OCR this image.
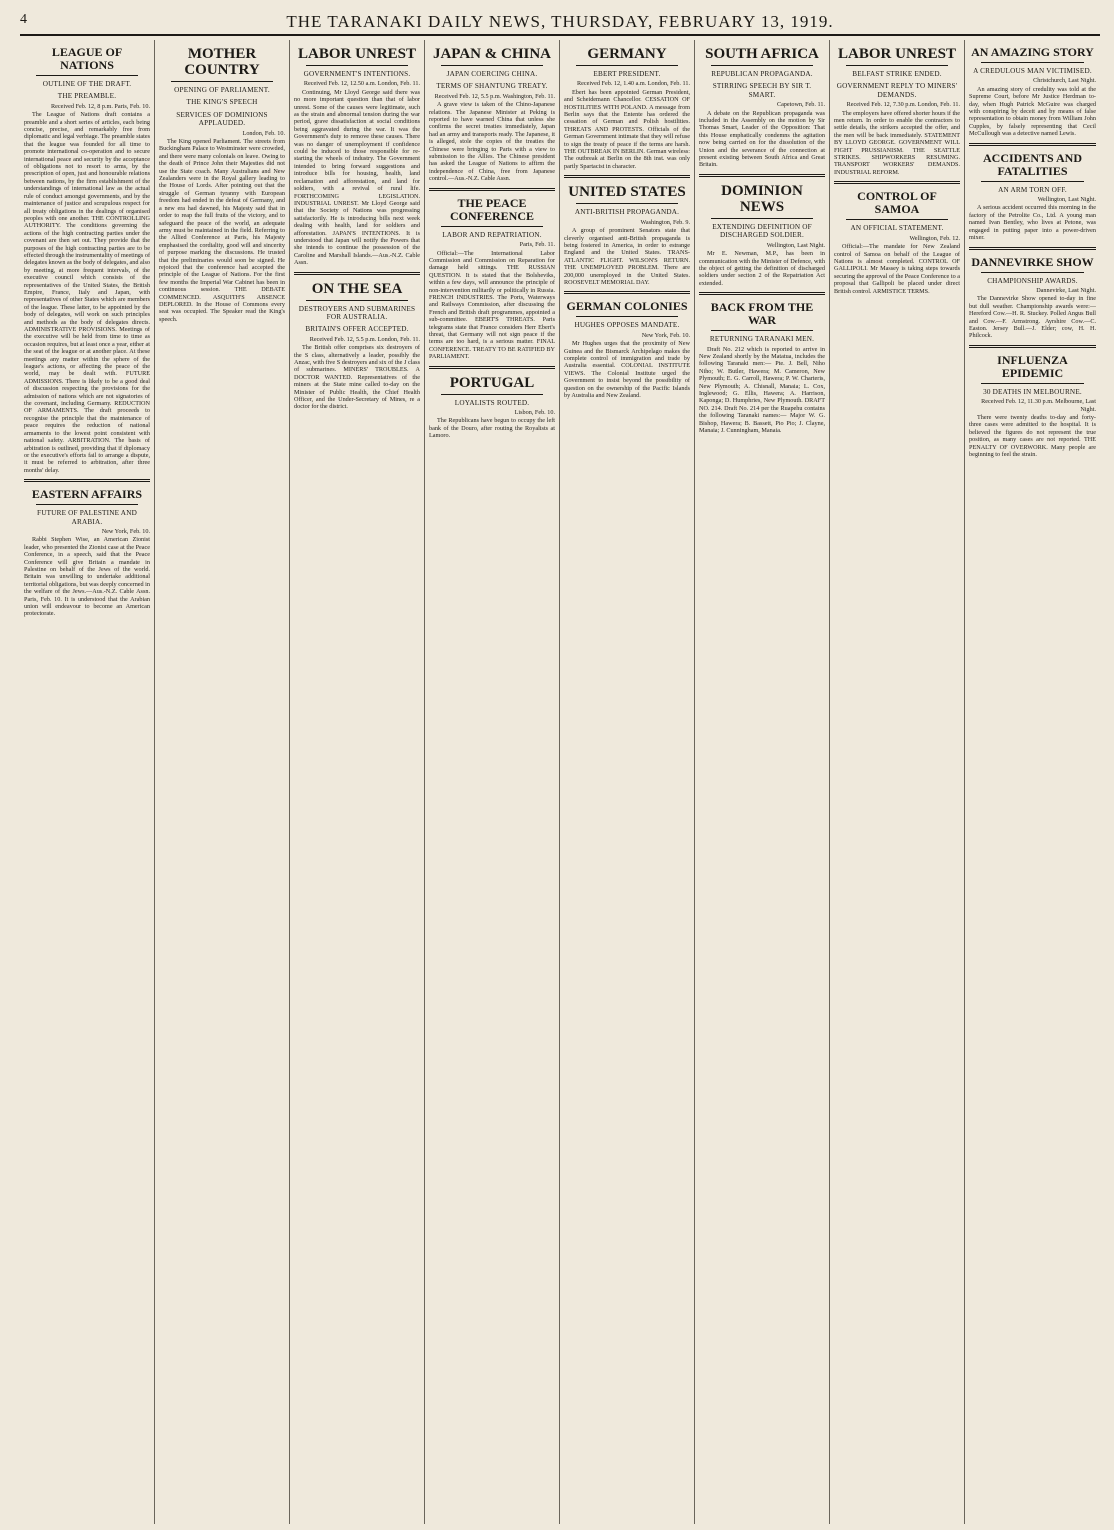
4	THE TARANAKI DAILY NEWS, THURSDAY, FEBRUARY 13, 1919.
LEAGUE OF NATIONS
OUTLINE OF THE DRAFT.
THE PREAMBLE.
Received Feb. 12, 8 p.m. Paris, Feb. 10.

The League of Nations draft contains a preamble and a short series of articles, each being concise, precise, and remarkably free from diplomatic and legal verbiage. The preamble states that the league was founded for all time to promote international co-operation and to secure international peace and security by the acceptance of obligations not to resort to arms, by the prescription of open, just and honourable relations between nations, by the firm establishment of the understandings of international law as the actual rule of conduct amongst governments, and by the maintenance of justice and scrupulous respect for all treaty obligations in the dealings of organised peoples with one another. THE CONTROLLING AUTHORITY. The conditions governing the actions of the high contracting parties under the covenant are then set out. They provide that the purposes of the high contracting parties are to be effected through the instrumentality of meetings of delegates known as the body of delegates, and also by meeting, at more frequent intervals, of the executive council which consists of the representatives of the United States, the British Empire, France, Italy and Japan, with representatives of other States which are members of the league. These latter, to be appointed by the body of delegates, will work on such principles and methods as the body of delegates directs. ADMINISTRATIVE PROVISIONS. Meetings of the executive will be held from time to time as occasion requires, but at least once a year, either at the seat of the league or at another place. At these meetings any matter within the sphere of the league's actions, or affecting the peace of the world, may be dealt with. FUTURE ADMISSIONS. There is likely to be a good deal of discussion respecting the provisions for the admission of nations which are not signatories of the covenant, including Germany. REDUCTION OF ARMAMENTS. The draft proceeds to recognise the principle that the maintenance of peace requires the reduction of national armaments to the lowest point consistent with national safety. ARBITRATION. The basis of arbitration is outlined, providing that if diplomacy or the executive's efforts fail to arrange a dispute, it must be referred to arbitration, after three months' delay.

EASTERN AFFAIRS
FUTURE OF PALESTINE AND ARABIA.
New York, Feb. 10.

Rabbi Stephen Wise, an American Zionist leader, who presented the Zionist case at the Peace Conference, in a speech, said that the Peace Conference will give Britain a mandate in Palestine on behalf of the Jews of the world. Britain was unwilling to undertake additional territorial obligations, but was deeply concerned in the welfare of the Jews.—Aus.-N.Z. Cable Assn. Paris, Feb. 10. It is understood that the Arabian union will endeavour to become an American protectorate.

MOTHER COUNTRY
OPENING OF PARLIAMENT.
THE KING'S SPEECH
SERVICES OF DOMINIONS APPLAUDED.
London, Feb. 10.

The King opened Parliament. The streets from Buckingham Palace to Westminster were crowded, and there were many colonials on leave. Owing to the death of Prince John their Majesties did not use the State coach. Many Australians and New Zealanders were in the Royal gallery leading to the House of Lords. After pointing out that the struggle of German tyranny with European freedom had ended in the defeat of Germany, and a new era had dawned, his Majesty said that in order to reap the full fruits of the victory, and to safeguard the peace of the world, an adequate army must be maintained in the field. Referring to the Allied Conference at Paris, his Majesty emphasised the cordiality, good will and sincerity of purpose marking the discussions. He trusted that the preliminaries would soon be signed. He rejoiced that the conference had accepted the principle of the League of Nations. For the first few months the Imperial War Cabinet has been in continuous session. THE DEBATE COMMENCED. ASQUITH'S ABSENCE DEPLORED. In the House of Commons every seat was occupied. The Speaker read the King's speech.

LABOR UNREST
GOVERNMENT'S INTENTIONS.
Received Feb. 12, 12.50 a.m. London, Feb. 11.

Continuing, Mr Lloyd George said there was no more important question than that of labor unrest. Some of the causes were legitimate, such as the strain and abnormal tension during the war period, grave dissatisfaction at social conditions being aggravated during the war. It was the Government's duty to remove these causes. There was no danger of unemployment if confidence could be induced to those responsible for re-starting the wheels of industry. The Government intended to bring forward suggestions and introduce bills for housing, health, land reclamation and afforestation, and land for soldiers, with a revival of rural life. FORTHCOMING LEGISLATION. INDUSTRIAL UNREST. Mr Lloyd George said that the Society of Nations was progressing satisfactorily. He is introducing bills next week dealing with health, land for soldiers and afforestation. JAPAN'S INTENTIONS. It is understood that Japan will notify the Powers that she intends to continue the possession of the Caroline and Marshall Islands.—Aus.-N.Z. Cable Assn.

ON THE SEA
DESTROYERS AND SUBMARINES FOR AUSTRALIA.
BRITAIN'S OFFER ACCEPTED.
Received Feb. 12, 5.5 p.m. London, Feb. 11.

The British offer comprises six destroyers of the S class, alternatively a leader, possibly the Anzac, with five S destroyers and six of the J class of submarines. MINERS' TROUBLES. A DOCTOR WANTED. Representatives of the miners at the State mine called to-day on the Minister of Public Health, the Chief Health Officer, and the Under-Secretary of Mines, re a doctor for the district.

JAPAN & CHINA
JAPAN COERCING CHINA.
TERMS OF SHANTUNG TREATY.
Received Feb. 12, 5.5 p.m. Washington, Feb. 11.

A grave view is taken of the Chino-Japanese relations. The Japanese Minister at Peking is reported to have warned China that unless she confirms the secret treaties immediately, Japan had an army and transports ready. The Japanese, it is alleged, stole the copies of the treaties the Chinese were bringing to Paris with a view to submission to the Allies. The Chinese president has asked the League of Nations to affirm the independence of China, free from Japanese control.—Aus.-N.Z. Cable Assn.

THE PEACE CONFERENCE
LABOR AND REPATRIATION.
Paris, Feb. 11.

Official:—The International Labor Commission and Commission on Reparation for damage held sittings. THE RUSSIAN QUESTION. It is stated that the Bolsheviks, within a few days, will announce the principle of non-intervention militarily or politically in Russia. FRENCH INDUSTRIES. The Ports, Waterways and Railways Commission, after discussing the French and British draft programmes, appointed a sub-committee. EBERT'S THREATS. Paris telegrams state that France considers Herr Ebert's threat, that Germany will not sign peace if the terms are too hard, is a serious matter. FINAL CONFERENCE. TREATY TO BE RATIFIED BY PARLIAMENT.

PORTUGAL
LOYALISTS ROUTED.
Lisbon, Feb. 10.

The Republicans have begun to occupy the left bank of the Douro, after routing the Royalists at Lamoro.

GERMANY
EBERT PRESIDENT.
Received Feb. 12, 1.40 a.m. London, Feb. 11.

Ebert has been appointed German President, and Scheidemann Chancellor. CESSATION OF HOSTILITIES WITH POLAND. A message from Berlin says that the Entente has ordered the cessation of German and Polish hostilities. THREATS AND PROTESTS. Officials of the German Government intimate that they will refuse to sign the treaty of peace if the terms are harsh. THE OUTBREAK IN BERLIN. German wireless: The outbreak at Berlin on the 8th inst. was only partly Spartacist in character.

UNITED STATES
ANTI-BRITISH PROPAGANDA.
Washington, Feb. 9.

A group of prominent Senators state that cleverly organised anti-British propaganda is being fostered in America, in order to estrange England and the United States. TRANS-ATLANTIC FLIGHT. WILSON'S RETURN. THE UNEMPLOYED PROBLEM. There are 200,000 unemployed in the United States. ROOSEVELT MEMORIAL DAY.

GERMAN COLONIES
HUGHES OPPOSES MANDATE.
New York, Feb. 10.

Mr Hughes urges that the proximity of New Guinea and the Bismarck Archipelago makes the complete control of immigration and trade by Australia essential. COLONIAL INSTITUTE VIEWS. The Colonial Institute urged the Government to insist beyond the possibility of question on the ownership of the Pacific Islands by Australia and New Zealand.

SOUTH AFRICA
REPUBLICAN PROPAGANDA.
STIRRING SPEECH BY SIR T. SMART.
Capetown, Feb. 11.

A debate on the Republican propaganda was included in the Assembly on the motion by Sir Thomas Smart, Leader of the Opposition: That this House emphatically condemns the agitation now being carried on for the dissolution of the Union and the severance of the connection at present existing between South Africa and Great Britain.

DOMINION NEWS
EXTENDING DEFINITION OF DISCHARGED SOLDIER.
Wellington, Last Night.

Mr E. Newman, M.P., has been in communication with the Minister of Defence, with the object of getting the definition of discharged soldiers under section 2 of the Repatriation Act extended.

BACK FROM THE WAR
RETURNING TARANAKI MEN.

Draft No. 212 which is reported to arrive in New Zealand shortly by the Matatua, includes the following Taranaki men:— Pte. J. Bell, Niho Niho; W. Butler, Hawera; M. Cameron, New Plymouth; E. G. Carroll, Hawera; P. W. Charteris, New Plymouth; A. Chisnall, Manaia; L. Cox, Inglewood; G. Ellis, Hawera; A. Harrison, Kaponga; D. Humphries, New Plymouth. DRAFT NO. 214. Draft No. 214 per the Ruapehu contains the following Taranaki names:— Major W. G. Bishop, Hawera; B. Bassett, Pio Pio; J. Clayne, Manaia; J. Cunningham, Manaia.

LABOR UNREST
BELFAST STRIKE ENDED.
GOVERNMENT REPLY TO MINERS' DEMANDS.
Received Feb. 12, 7.30 p.m. London, Feb. 11.

The employers have offered shorter hours if the men return. In order to enable the contractors to settle details, the strikers accepted the offer, and the men will be back immediately. STATEMENT BY LLOYD GEORGE. GOVERNMENT WILL FIGHT PRUSSIANISM. THE SEATTLE STRIKES. SHIPWORKERS RESUMING. TRANSPORT WORKERS' DEMANDS. INDUSTRIAL REFORM.

CONTROL OF SAMOA
AN OFFICIAL STATEMENT.
Wellington, Feb. 12.

Official:—The mandate for New Zealand control of Samoa on behalf of the League of Nations is almost completed. CONTROL OF GALLIPOLI. Mr Massey is taking steps towards securing the approval of the Peace Conference to a proposal that Gallipoli be placed under direct British control. ARMISTICE TERMS.

AN AMAZING STORY
A CREDULOUS MAN VICTIMISED.
Christchurch, Last Night.

An amazing story of credulity was told at the Supreme Court, before Mr Justice Herdman to-day, when Hugh Patrick McGuire was charged with conspiring by deceit and by means of false representation to obtain money from William John Cupples, by falsely representing that Cecil McCullough was a detective named Lewis.

ACCIDENTS AND FATALITIES
AN ARM TORN OFF.
Wellington, Last Night.

A serious accident occurred this morning in the factory of the Petrolite Co., Ltd. A young man named Ivan Bentley, who lives at Petone, was engaged in putting paper into a power-driven mixer.

DANNEVIRKE SHOW
CHAMPIONSHIP AWARDS.
Dannevirke, Last Night.

The Dannevirke Show opened to-day in fine but dull weather. Championship awards were:—Hereford Cow.—H. R. Stuckey. Polled Angus Bull and Cow.—F. Armstrong. Ayrshire Cow.—C. Easton. Jersey Bull.—J. Elder; cow, H. H. Philcock.

INFLUENZA EPIDEMIC
30 DEATHS IN MELBOURNE.
Received Feb. 12, 11.30 p.m. Melbourne, Last Night.

There were twenty deaths to-day and forty-three cases were admitted to the hospital. It is believed the figures do not represent the true position, as many cases are not reported. THE PENALTY OF OVERWORK. Many people are beginning to feel the strain.
